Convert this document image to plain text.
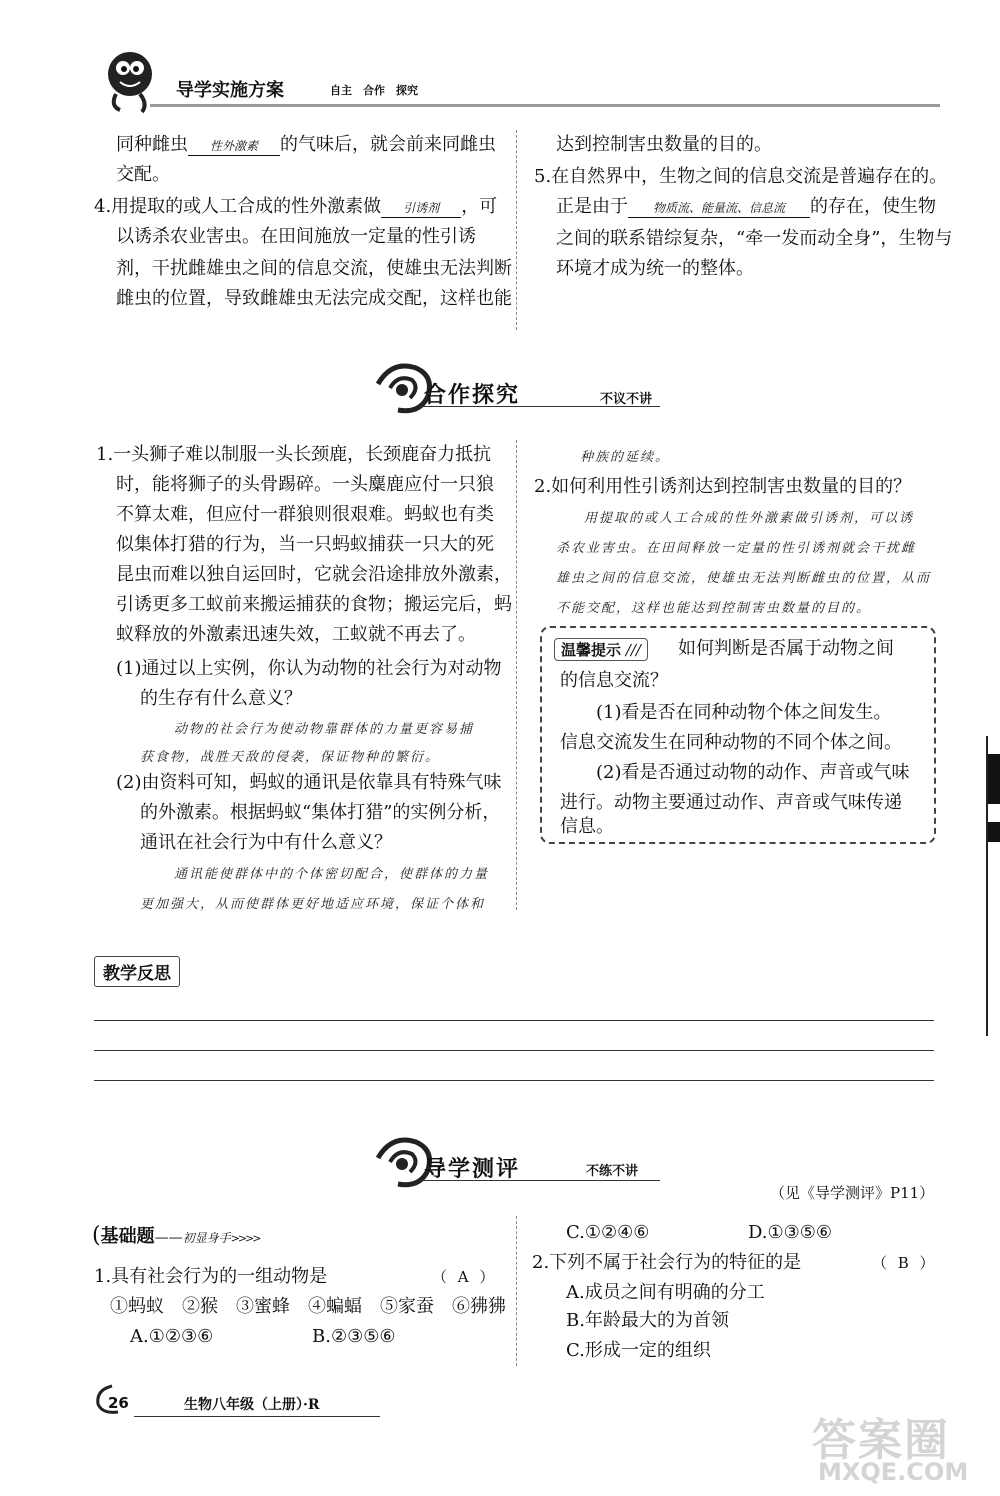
导学实施方案	自主　合作　探究
同种雌虫 性外激素 的气味后，就会前来同雌虫
交配。
4.用提取的或人工合成的性外激素做 引诱剂 ，可
以诱杀农业害虫。在田间施放一定量的性引诱
剂，干扰雌雄虫之间的信息交流，使雄虫无法判断
雌虫的位置，导致雌雄虫无法完成交配，这样也能
达到控制害虫数量的目的。
5.在自然界中，生物之间的信息交流是普遍存在的。
正是由于 物质流、能量流、信息流 的存在，使生物
之间的联系错综复杂，“牵一发而动全身”，生物与
环境才成为统一的整体。
合作探究	不议不讲
1.一头狮子难以制服一头长颈鹿，长颈鹿奋力抵抗
时，能将狮子的头骨踢碎。一头麋鹿应付一只狼
不算太难，但应付一群狼则很艰难。蚂蚁也有类
似集体打猎的行为，当一只蚂蚁捕获一只大的死
昆虫而难以独自运回时，它就会沿途排放外激素，
引诱更多工蚁前来搬运捕获的食物；搬运完后，蚂
蚁释放的外激素迅速失效，工蚁就不再去了。
(1)通过以上实例，你认为动物的社会行为对动物
的生存有什么意义？
动物的社会行为使动物靠群体的力量更容易捕
获食物，战胜天敌的侵袭，保证物种的繁衍。
(2)由资料可知，蚂蚁的通讯是依靠具有特殊气味
的外激素。根据蚂蚁“集体打猎”的实例分析，
通讯在社会行为中有什么意义？
通讯能使群体中的个体密切配合，使群体的力量
更加强大，从而使群体更好地适应环境，保证个体和
种族的延续。
2.如何利用性引诱剂达到控制害虫数量的目的？
用提取的或人工合成的性外激素做引诱剂，可以诱
杀农业害虫。在田间释放一定量的性引诱剂就会干扰雌
雄虫之间的信息交流，使雄虫无法判断雌虫的位置，从而
不能交配，这样也能达到控制害虫数量的目的。
温馨提示 ///	如何判断是否属于动物之间
的信息交流？
(1)看是否在同种动物个体之间发生。
信息交流发生在同种动物的不同个体之间。
(2)看是否通过动物的动作、声音或气味
进行。动物主要通过动作、声音或气味传递
信息。
教学反思
导学测评	不练不讲
（见《导学测评》P11）
(基础题——初显身手>>>>
1.具有社会行为的一组动物是	（ A ）
①蚂蚁　②猴　③蜜蜂　④蝙蝠　⑤家蚕　⑥狒狒
A.①②③⑥	B.②③⑤⑥
C.①②④⑥	D.①③⑤⑥
2.下列不属于社会行为的特征的是	（ B ）
A.成员之间有明确的分工
B.年龄最大的为首领
C.形成一定的组织
26	生物八年级（上册）·R
答案圈
MXQE.COM
